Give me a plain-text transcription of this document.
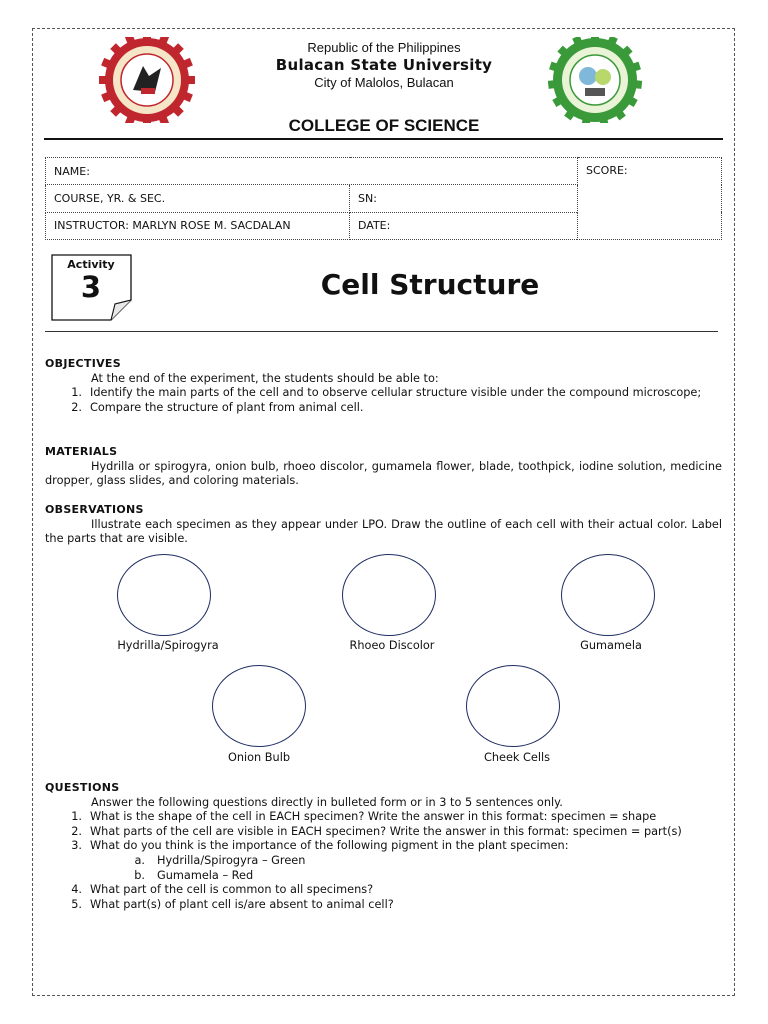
Republic of the Philippines
Bulacan State University
City of Malolos, Bulacan
COLLEGE OF SCIENCE
NAME:		SCORE:
COURSE, YR. & SEC.	SN:	
INSTRUCTOR: MARLYN ROSE M. SACDALAN	DATE:	
Activity
3	Cell Structure
OBJECTIVES
At the end of the experiment, the students should be able to:
1. Identify the main parts of the cell and to observe cellular structure visible under the compound microscope;
2. Compare the structure of plant from animal cell.
MATERIALS
Hydrilla or spirogyra, onion bulb, rhoeo discolor, gumamela flower, blade, toothpick, iodine solution, medicine dropper, glass slides, and coloring materials.
OBSERVATIONS
Illustrate each specimen as they appear under LPO. Draw the outline of each cell with their actual color. Label the parts that are visible.
Hydrilla/Spirogyra	Rhoeo Discolor	Gumamela
Onion Bulb	Cheek Cells
QUESTIONS
Answer the following questions directly in bulleted form or in 3 to 5 sentences only.
1. What is the shape of the cell in EACH specimen? Write the answer in this format: specimen = shape
2. What parts of the cell are visible in EACH specimen? Write the answer in this format: specimen = part(s)
3. What do you think is the importance of the following pigment in the plant specimen:
a.	Hydrilla/Spirogyra – Green
b.	Gumamela – Red
4. What part of the cell is common to all specimens?
5. What part(s) of plant cell is/are absent to animal cell?
